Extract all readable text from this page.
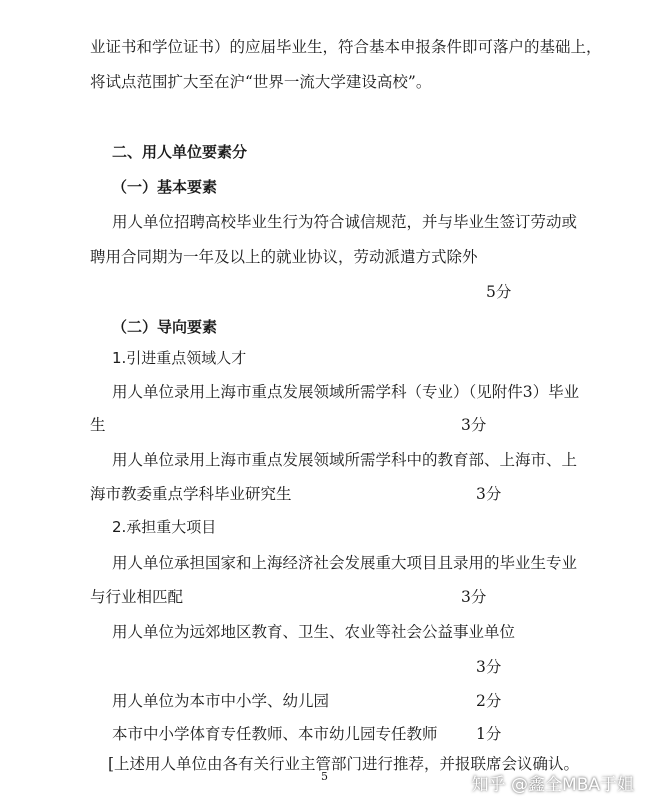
业证书和学位证书）的应届毕业生，符合基本申报条件即可落户的基础上，
将试点范围扩大至在沪“世界一流大学建设高校”。
二、用人单位要素分
（一）基本要素
用人单位招聘高校毕业生行为符合诚信规范，并与毕业生签订劳动或
聘用合同期为一年及以上的就业协议，劳动派遣方式除外
5分
（二）导向要素
1.引进重点领域人才
用人单位录用上海市重点发展领域所需学科（专业）（见附件3）毕业
生	3分
用人单位录用上海市重点发展领域所需学科中的教育部、上海市、上
海市教委重点学科毕业研究生	3分
2.承担重大项目
用人单位承担国家和上海经济社会发展重大项目且录用的毕业生专业
与行业相匹配	3分
用人单位为远郊地区教育、卫生、农业等社会公益事业单位
3分
用人单位为本市中小学、幼儿园	2分
本市中小学体育专任教师、本市幼儿园专任教师 1分
[上述用人单位由各有关行业主管部门进行推荐，并报联席会议确认。
5	知乎 @鑫全MBA于姐
